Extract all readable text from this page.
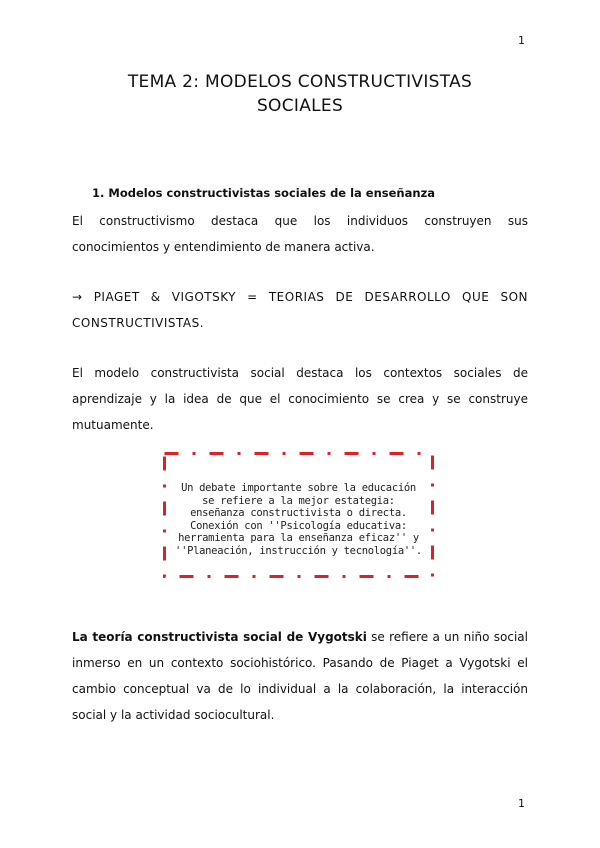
1
TEMA 2: MODELOS CONSTRUCTIVISTAS
SOCIALES
1. Modelos constructivistas sociales de la enseñanza
El constructivismo destaca que los individuos construyen sus conocimientos y entendimiento de manera activa.
→ PIAGET & VIGOTSKY = TEORIAS DE DESARROLLO QUE SON CONSTRUCTIVISTAS.
El modelo constructivista social destaca los contextos sociales de aprendizaje y la idea de que el conocimiento se crea y se construye mutuamente.
Un debate importante sobre la educación
se refiere a la mejor estategia:
enseñanza constructivista o directa.
Conexión con ''Psicología educativa:
herramienta para la enseñanza eficaz'' y
''Planeación, instrucción y tecnología''.
La teoría constructivista social de Vygotski se refiere a un niño social inmerso en un contexto sociohistórico. Pasando de Piaget a Vygotski el cambio conceptual va de lo individual a la colaboración, la interacción social y la actividad sociocultural.
1
